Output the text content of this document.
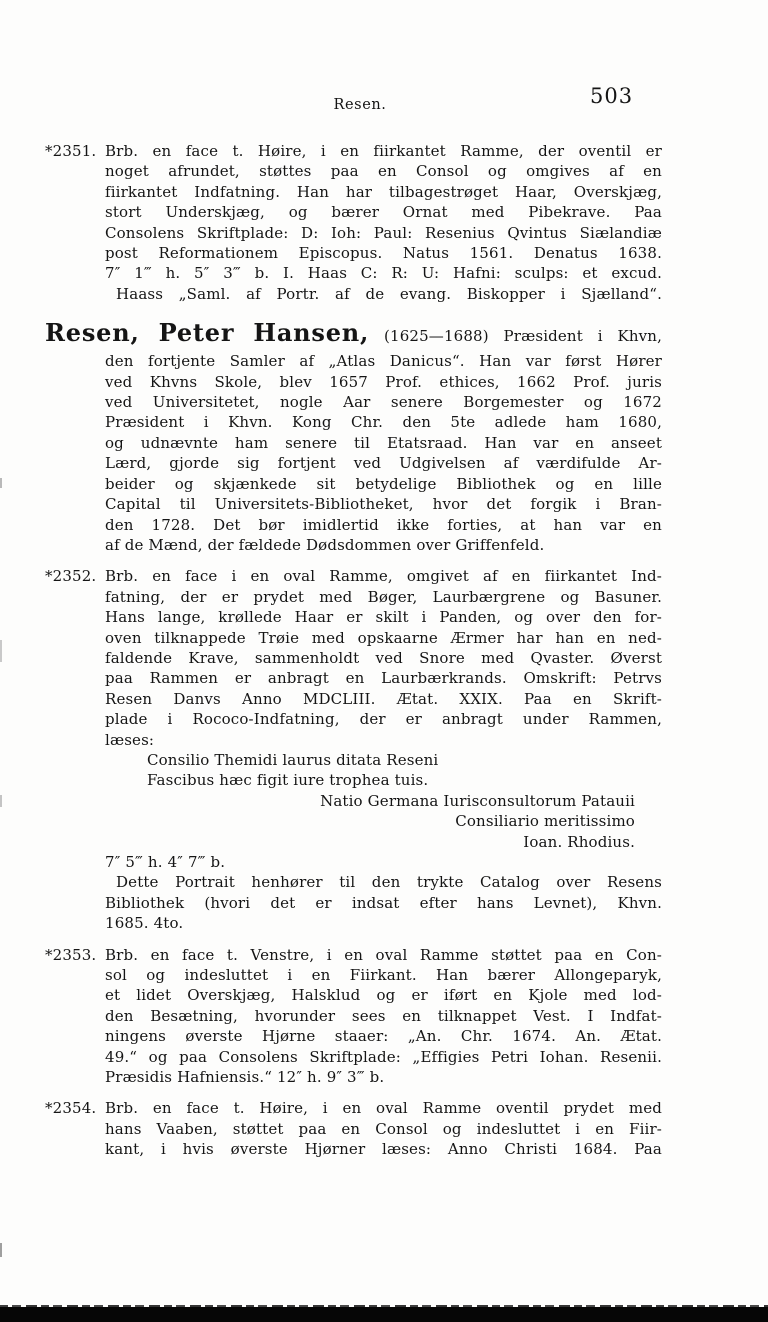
Resen.	503
*2351. Brb. en face t. Høire, i en fiirkantet Ramme, der oventil er
noget afrundet, støttes paa en Consol og omgives af en
fiirkantet Indfatning. Han har tilbagestrøget Haar, Overskjæg,
stort Underskjæg, og bærer Ornat med Pibekrave. Paa
Consolens Skriftplade: D: Ioh: Paul: Resenius Qvintus Siælandiæ
post Reformationem Episcopus. Natus 1561. Denatus 1638.
7″ 1‴ h. 5″ 3‴ b. I. Haas C: R: U: Hafni: sculps: et excud.
Haass „Saml. af Portr. af de evang. Biskopper i Sjælland“.
Resen, Peter Hansen, (1625—1688) Præsident i Khvn,
den fortjente Samler af „Atlas Danicus“. Han var først Hører
ved Khvns Skole, blev 1657 Prof. ethices, 1662 Prof. juris
ved Universitetet, nogle Aar senere Borgemester og 1672
Præsident i Khvn. Kong Chr. den 5te adlede ham 1680,
og udnævnte ham senere til Etatsraad. Han var en anseet
Lærd, gjorde sig fortjent ved Udgivelsen af værdifulde Ar-
beider og skjænkede sit betydelige Bibliothek og en lille
Capital til Universitets-Bibliotheket, hvor det forgik i Bran-
den 1728. Det bør imidlertid ikke forties, at han var en
af de Mænd, der fældede Dødsdommen over Griffenfeld.
*2352. Brb. en face i en oval Ramme, omgivet af en fiirkantet Ind-
fatning, der er prydet med Bøger, Laurbærgrene og Basuner.
Hans lange, krøllede Haar er skilt i Panden, og over den for-
oven tilknappede Trøie med opskaarne Ærmer har han en ned-
faldende Krave, sammenholdt ved Snore med Qvaster. Øverst
paa Rammen er anbragt en Laurbærkrands. Omskrift: Petrvs
Resen Danvs Anno MDCLIII. Ætat. XXIX. Paa en Skrift-
plade i Rococo-Indfatning, der er anbragt under Rammen,
læses:
Consilio Themidi laurus ditata Reseni
Fascibus hæc figit iure trophea tuis.
Natio Germana Iurisconsultorum Patauii
Consiliario meritissimo
Ioan. Rhodius.
7″ 5‴ h. 4″ 7‴ b.
Dette Portrait henhører til den trykte Catalog over Resens
Bibliothek (hvori det er indsat efter hans Levnet), Khvn.
1685. 4to.
*2353. Brb. en face t. Venstre, i en oval Ramme støttet paa en Con-
sol og indesluttet i en Fiirkant. Han bærer Allongeparyk,
et lidet Overskjæg, Halsklud og er iført en Kjole med lod-
den Besætning, hvorunder sees en tilknappet Vest. I Indfat-
ningens øverste Hjørne staaer: „An. Chr. 1674. An. Ætat.
49.“ og paa Consolens Skriftplade: „Effigies Petri Iohan. Resenii.
Præsidis Hafniensis.“ 12″ h. 9″ 3‴ b.
*2354. Brb. en face t. Høire, i en oval Ramme oventil prydet med
hans Vaaben, støttet paa en Consol og indesluttet i en Fiir-
kant, i hvis øverste Hjørner læses: Anno Christi 1684. Paa
